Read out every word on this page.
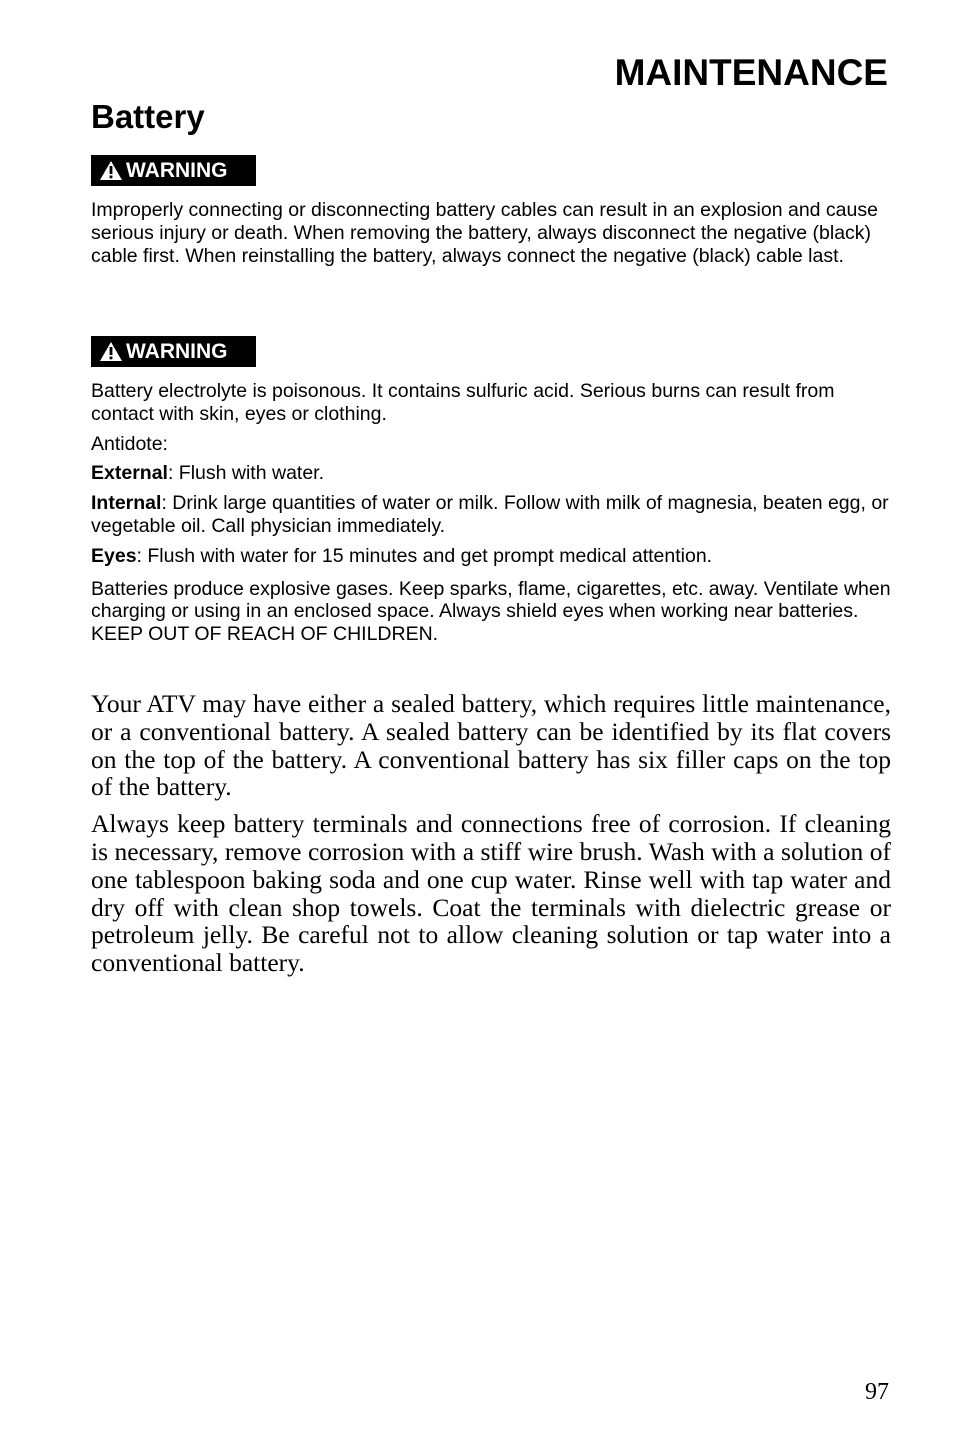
MAINTENANCE
Battery
WARNING

Improperly connecting or disconnecting battery cables can result in an explosion and cause serious injury or death. When removing the battery, always disconnect the negative (black) cable first. When reinstalling the battery, always connect the negative (black) cable last.

WARNING

Battery electrolyte is poisonous. It contains sulfuric acid. Serious burns can result from contact with skin, eyes or clothing.

Antidote:

External: Flush with water.

Internal: Drink large quantities of water or milk. Follow with milk of magnesia, beaten egg, or vegetable oil. Call physician immediately.

Eyes: Flush with water for 15 minutes and get prompt medical attention.

Batteries produce explosive gases. Keep sparks, flame, cigarettes, etc. away. Ventilate when charging or using in an enclosed space. Always shield eyes when working near batteries. KEEP OUT OF REACH OF CHILDREN.

Your ATV may have either a sealed battery, which requires little maintenance, or a conventional battery. A sealed battery can be identified by its flat covers on the top of the battery. A conventional battery has six filler caps on the top of the battery.

Always keep battery terminals and connections free of corrosion. If cleaning is necessary, remove corrosion with a stiff wire brush. Wash with a solution of one tablespoon baking soda and one cup water. Rinse well with tap water and dry off with clean shop towels. Coat the terminals with dielectric grease or petroleum jelly. Be careful not to allow cleaning solution or tap water into a conventional battery.

97
